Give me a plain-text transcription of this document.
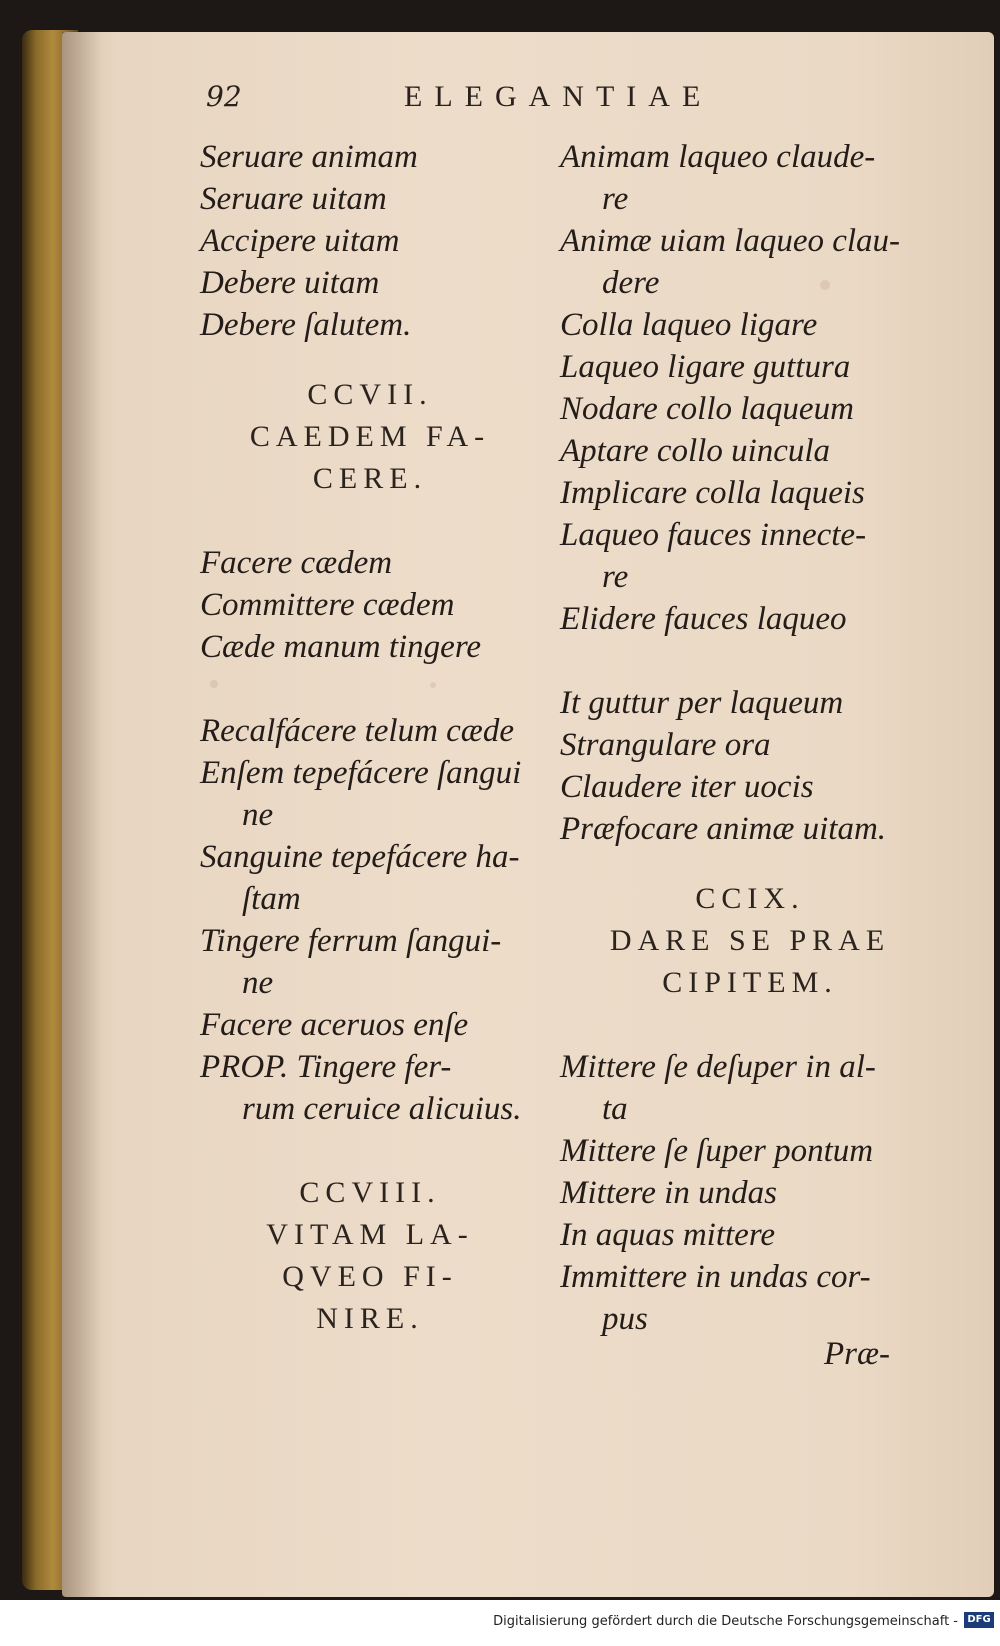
92	ELEGANTIAE
Seruare animam
Seruare uitam
Accipere uitam
Debere uitam
Debere ſalutem.
CCVII.
CAEDEM FA-
CERE.
Facere cædem
Committere cædem
Cæde manum tingere
Recalfácere telum cæde
Enſem tepefácere ſangui
ne
Sanguine tepefácere ha-
ſtam
Tingere ferrum ſangui-
ne
Facere aceruos enſe
PROP. Tingere fer-
rum ceruice alicuius.
CCVIII.
VITAM LA-
QVEO FI-
NIRE.
Animam laqueo claude-
re
Animæ uiam laqueo clau-
dere
Colla laqueo ligare
Laqueo ligare guttura
Nodare collo laqueum
Aptare collo uincula
Implicare colla laqueis
Laqueo fauces innecte-
re
Elidere fauces laqueo
It guttur per laqueum
Strangulare ora
Claudere iter uocis
Præfocare animæ uitam.
CCIX.
DARE SE PRAE
CIPITEM.
Mittere ſe deſuper in al-
ta
Mittere ſe ſuper pontum
Mittere in undas
In aquas mittere
Immittere in undas cor-
pus
Præ-
Digitalisierung gefördert durch die Deutsche Forschungsgemeinschaft - DFG
